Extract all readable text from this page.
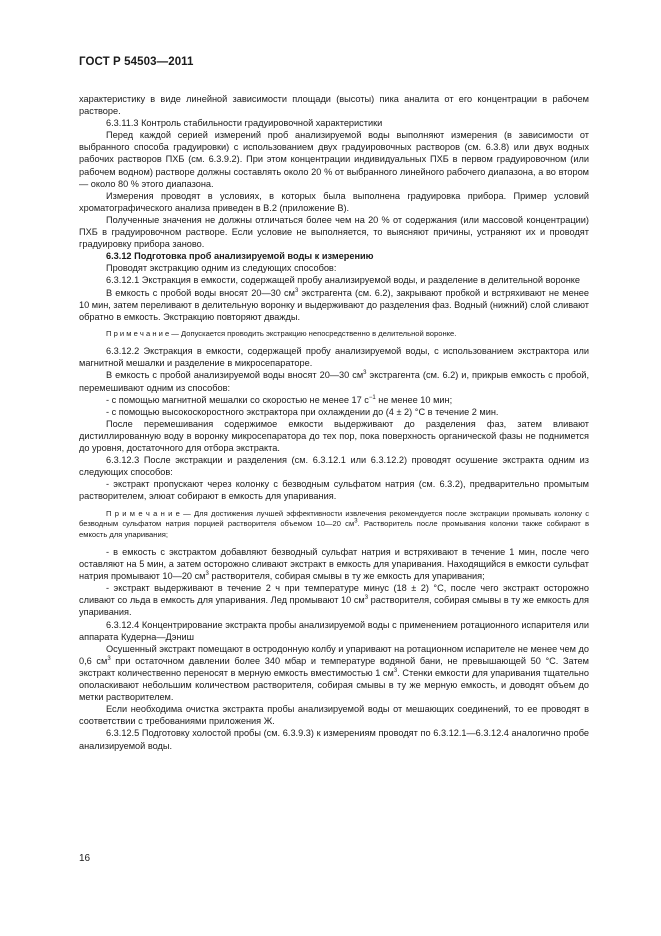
ГОСТ Р 54503—2011

характеристику в виде линейной зависимости площади (высоты) пика аналита от его концентрации в рабочем растворе.

6.3.11.3 Контроль стабильности градуировочной характеристики

Перед каждой серией измерений проб анализируемой воды выполняют измерения (в зависимости от выбранного способа градуировки) с использованием двух градуировочных растворов (см. 6.3.8) или двух водных рабочих растворов ПХБ (см. 6.3.9.2). При этом концентрации индивидуальных ПХБ в первом градуировочном (или рабочем водном) растворе должны составлять около 20 % от выбранного линейного рабочего диапазона, а во втором — около 80 % этого диапазона.

Измерения проводят в условиях, в которых была выполнена градуировка прибора. Пример условий хроматографического анализа приведен в В.2 (приложение В).

Полученные значения не должны отличаться более чем на 20 % от содержания (или массовой концентрации) ПХБ в градуировочном растворе. Если условие не выполняется, то выясняют причины, устраняют их и проводят градуировку прибора заново.

6.3.12 Подготовка проб анализируемой воды к измерению

Проводят экстракцию одним из следующих способов:

6.3.12.1 Экстракция в емкости, содержащей пробу анализируемой воды, и разделение в делительной воронке

В емкость с пробой воды вносят 20—30 $см^3$ экстрагента (см. 6.2), закрывают пробкой и встряхивают не менее 10 мин, затем переливают в делительную воронку и выдерживают до разделения фаз. Водный (нижний) слой сливают обратно в емкость. Экстракцию повторяют дважды.

П р и м е ч а н и е — Допускается проводить экстракцию непосредственно в делительной воронке.

6.3.12.2 Экстракция в емкости, содержащей пробу анализируемой воды, с использованием экстрактора или магнитной мешалки и разделение в микросепараторе.

В емкость с пробой анализируемой воды вносят 20—30 $см^3$ экстрагента (см. 6.2) и, прикрыв емкость с пробой, перемешивают одним из способов:

- с помощью магнитной мешалки со скоростью не менее 17 $с^{-1}$ не менее 10 мин;

- с помощью высокоскоростного экстрактора при охлаждении до (4 ± 2) °С в течение 2 мин.

После перемешивания содержимое емкости выдерживают до разделения фаз, затем вливают дистиллированную воду в воронку микросепаратора до тех пор, пока поверхность органической фазы не поднимется до уровня, достаточного для отбора экстракта.

6.3.12.3 После экстракции и разделения (см. 6.3.12.1 или 6.3.12.2) проводят осушение экстракта одним из следующих способов:

- экстракт пропускают через колонку с безводным сульфатом натрия (см. 6.3.2), предварительно промытым растворителем, элюат собирают в емкость для упаривания.

П р и м е ч а н и е — Для достижения лучшей эффективности извлечения рекомендуется после экстракции промывать колонку с безводным сульфатом натрия порцией растворителя объемом 10—20 $см^3$. Растворитель после промывания колонки также собирают в емкость для упаривания;

- в емкость с экстрактом добавляют безводный сульфат натрия и встряхивают в течение 1 мин, после чего оставляют на 5 мин, а затем осторожно сливают экстракт в емкость для упаривания. Находящийся в емкости сульфат натрия промывают 10—20 $см^3$ растворителя, собирая смывы в ту же емкость для упаривания;

- экстракт выдерживают в течение 2 ч при температуре минус (18 ± 2) °С, после чего экстракт осторожно сливают со льда в емкость для упаривания. Лед промывают 10 $см^3$ растворителя, собирая смывы в ту же емкость для упаривания.

6.3.12.4 Концентрирование экстракта пробы анализируемой воды с применением ротационного испарителя или аппарата Кудерна—Дэниш

Осушенный экстракт помещают в остродонную колбу и упаривают на ротационном испарителе не менее чем до 0,6 $см^3$ при остаточном давлении более 340 мбар и температуре водяной бани, не превышающей 50 °С. Затем экстракт количественно переносят в мерную емкость вместимостью 1 $см^3$. Стенки емкости для упаривания тщательно ополаскивают небольшим количеством растворителя, собирая смывы в ту же мерную емкость, и доводят объем до метки растворителем.

Если необходима очистка экстракта пробы анализируемой воды от мешающих соединений, то ее проводят в соответствии с требованиями приложения Ж.

6.3.12.5 Подготовку холостой пробы (см. 6.3.9.3) к измерениям проводят по 6.3.12.1—6.3.12.4 аналогично пробе анализируемой воды.

16
